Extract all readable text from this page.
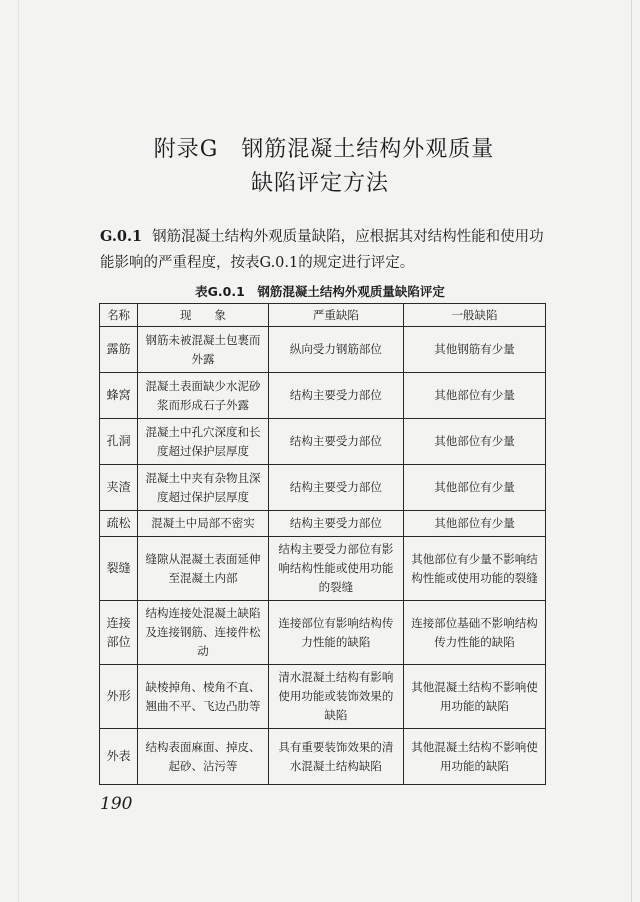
附录G　钢筋混凝土结构外观质量
缺陷评定方法
G.0.1 钢筋混凝土结构外观质量缺陷，应根据其对结构性能和使用功能影响的严重程度，按表G.0.1的规定进行评定。
表G.0.1　钢筋混凝土结构外观质量缺陷评定
名称	现　　象	严重缺陷	一般缺陷
露筋	钢筋未被混凝土包裹而外露	纵向受力钢筋部位	其他钢筋有少量
蜂窝	混凝土表面缺少水泥砂浆而形成石子外露	结构主要受力部位	其他部位有少量
孔洞	混凝土中孔穴深度和长度超过保护层厚度	结构主要受力部位	其他部位有少量
夹渣	混凝土中夹有杂物且深度超过保护层厚度	结构主要受力部位	其他部位有少量
疏松	混凝土中局部不密实	结构主要受力部位	其他部位有少量
裂缝	缝隙从混凝土表面延伸至混凝土内部	结构主要受力部位有影响结构性能或使用功能的裂缝	其他部位有少量不影响结构性能或使用功能的裂缝
连接部位	结构连接处混凝土缺陷及连接钢筋、连接件松动	连接部位有影响结构传力性能的缺陷	连接部位基础不影响结构传力性能的缺陷
外形	缺棱掉角、棱角不直、翘曲不平、飞边凸肋等	清水混凝土结构有影响使用功能或装饰效果的缺陷	其他混凝土结构不影响使用功能的缺陷
外表	结构表面麻面、掉皮、起砂、沾污等	具有重要装饰效果的清水混凝土结构缺陷	其他混凝土结构不影响使用功能的缺陷
190
